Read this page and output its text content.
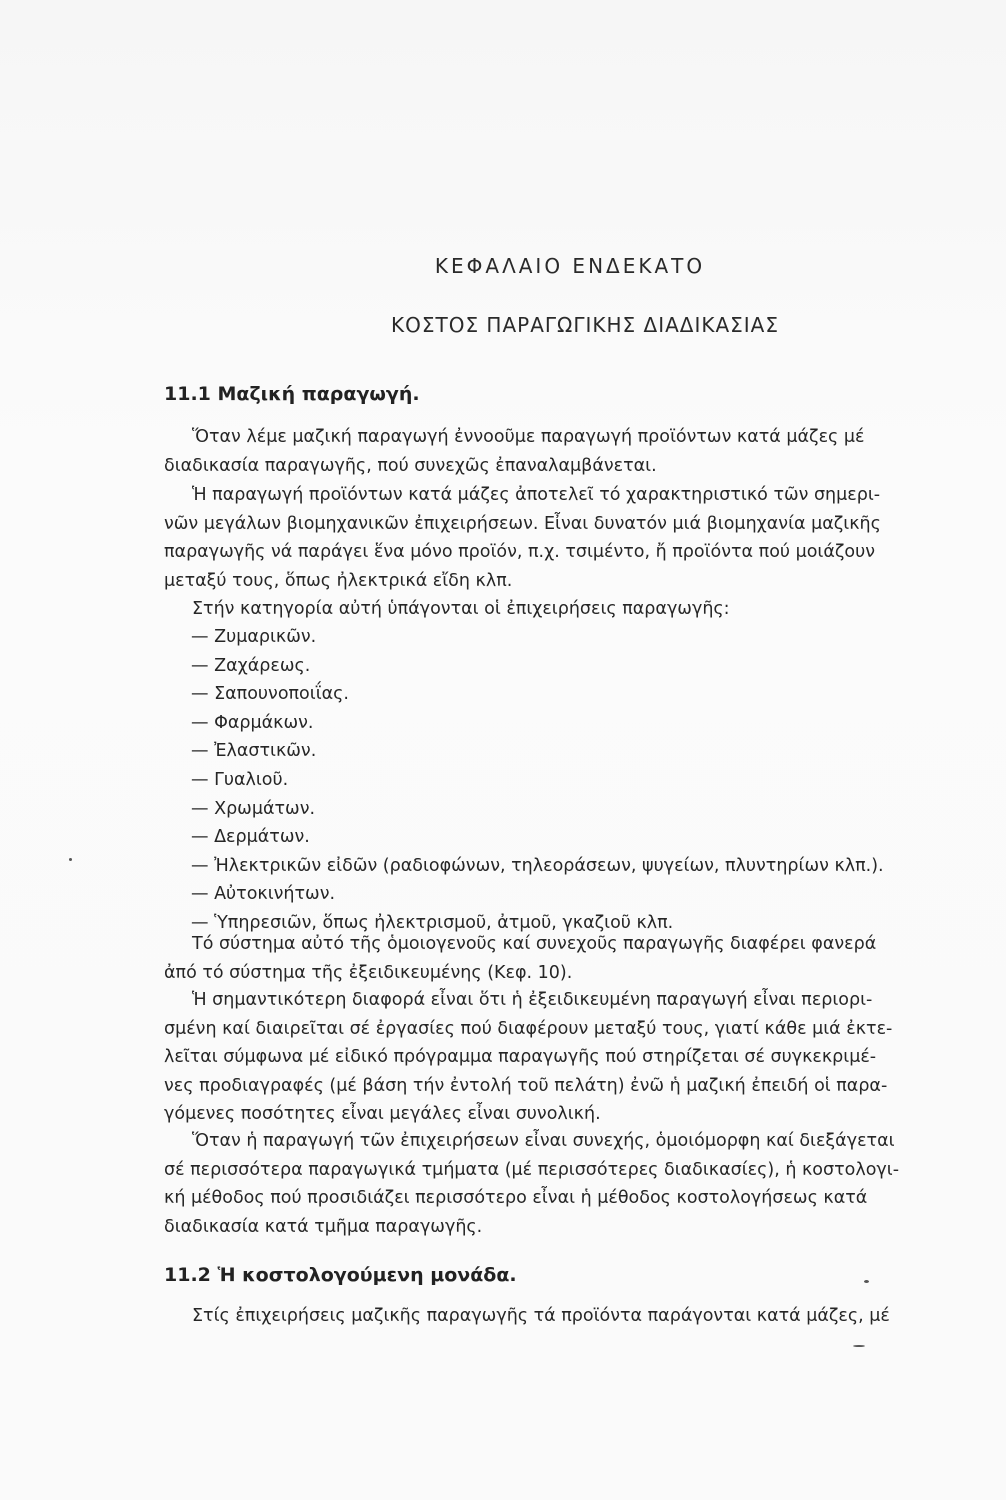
ΚΕΦΑΛΑΙΟ ΕΝΔΕΚΑΤΟ
ΚΟΣΤΟΣ ΠΑΡΑΓΩΓΙΚΗΣ ΔΙΑΔΙΚΑΣΙΑΣ
11.1 Μαζική παραγωγή.
Ὅταν λέμε μαζική παραγωγή ἐννοοῦμε παραγωγή προϊόντων κατά μάζες μέ
διαδικασία παραγωγῆς, πού συνεχῶς ἐπαναλαμβάνεται.
Ἡ παραγωγή προϊόντων κατά μάζες ἀποτελεῖ τό χαρακτηριστικό τῶν σημερι-
νῶν μεγάλων βιομηχανικῶν ἐπιχειρήσεων. Εἶναι δυνατόν μιά βιομηχανία μαζικῆς
παραγωγῆς νά παράγει ἕνα μόνο προϊόν, π.χ. τσιμέντο, ἤ προϊόντα πού μοιάζουν
μεταξύ τους, ὅπως ἠλεκτρικά εἴδη κλπ.
Στήν κατηγορία αὐτή ὑπάγονται οἱ ἐπιχειρήσεις παραγωγῆς:
— Ζυμαρικῶν.
— Ζαχάρεως.
— Σαπουνοποιΐας.
— Φαρμάκων.
— Ἐλαστικῶν.
— Γυαλιοῦ.
— Χρωμάτων.
— Δερμάτων.
— Ἠλεκτρικῶν εἰδῶν (ραδιοφώνων, τηλεοράσεων, ψυγείων, πλυντηρίων κλπ.).
— Αὐτοκινήτων.
— Ὑπηρεσιῶν, ὅπως ἠλεκτρισμοῦ, ἀτμοῦ, γκαζιοῦ κλπ.
Τό σύστημα αὐτό τῆς ὁμοιογενοῦς καί συνεχοῦς παραγωγῆς διαφέρει φανερά
ἀπό τό σύστημα τῆς ἐξειδικευμένης (Κεφ. 10).
Ἡ σημαντικότερη διαφορά εἶναι ὅτι ἡ ἐξειδικευμένη παραγωγή εἶναι περιορι-
σμένη καί διαιρεῖται σέ ἐργασίες πού διαφέρουν μεταξύ τους, γιατί κάθε μιά ἐκτε-
λεῖται σύμφωνα μέ εἰδικό πρόγραμμα παραγωγῆς πού στηρίζεται σέ συγκεκριμέ-
νες προδιαγραφές (μέ βάση τήν ἐντολή τοῦ πελάτη) ἐνῶ ἡ μαζική ἐπειδή οἱ παρα-
γόμενες ποσότητες εἶναι μεγάλες εἶναι συνολική.
Ὅταν ἡ παραγωγή τῶν ἐπιχειρήσεων εἶναι συνεχής, ὁμοιόμορφη καί διεξάγεται
σέ περισσότερα παραγωγικά τμήματα (μέ περισσότερες διαδικασίες), ἡ κοστολογι-
κή μέθοδος πού προσιδιάζει περισσότερο εἶναι ἡ μέθοδος κοστολογήσεως κατά
διαδικασία κατά τμῆμα παραγωγῆς.
11.2 Ἡ κοστολογούμενη μονάδα.
Στίς ἐπιχειρήσεις μαζικῆς παραγωγῆς τά προϊόντα παράγονται κατά μάζες, μέ
